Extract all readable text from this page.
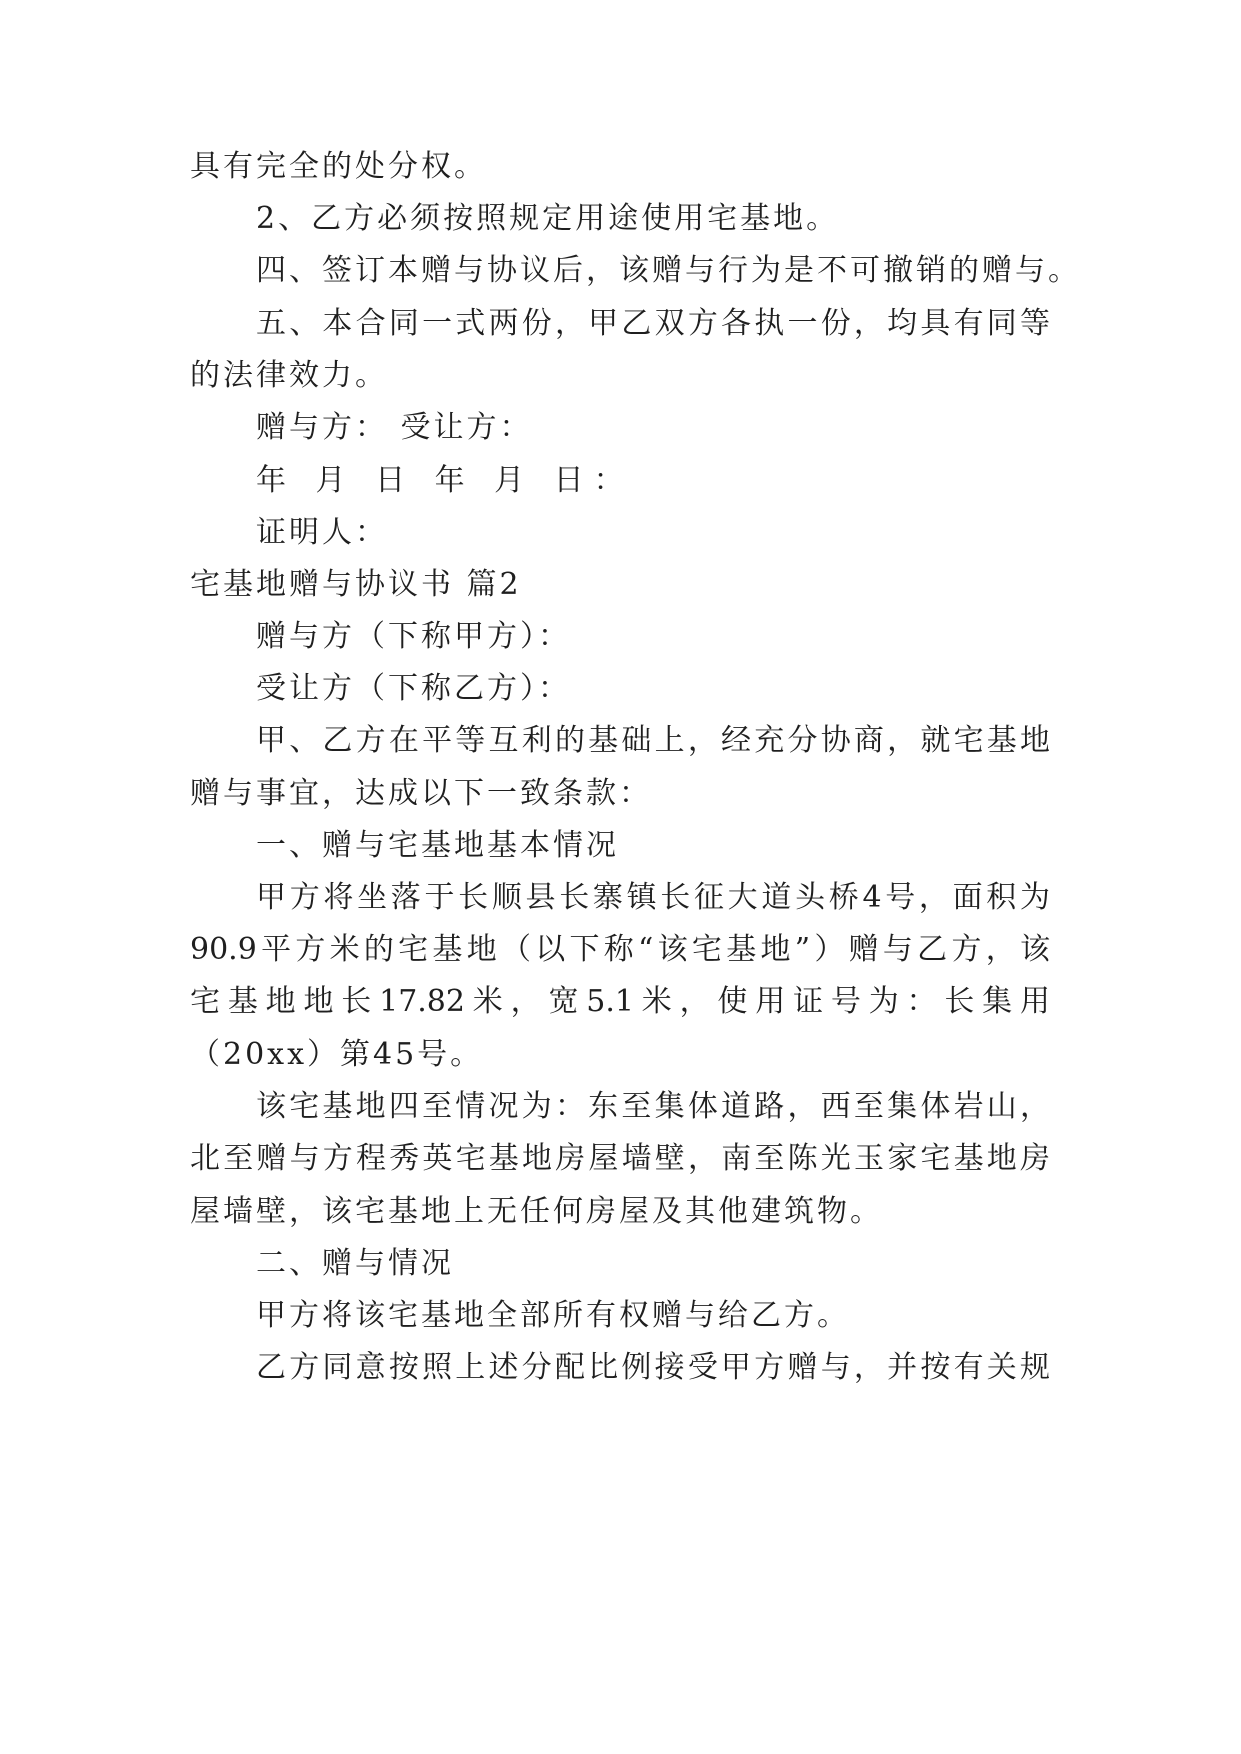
具有完全的处分权。
2、乙方必须按照规定用途使用宅基地。
四、签订本赠与协议后，该赠与行为是不可撤销的赠与。
五、本合同一式两份，甲乙双方各执一份，均具有同等
的法律效力。
赠与方： 受让方：
年 月 日 年 月 日：
证明人：
宅基地赠与协议书 篇2
赠与方（下称甲方）：
受让方（下称乙方）：
甲、乙方在平等互利的基础上，经充分协商，就宅基地
赠与事宜，达成以下一致条款：
一、赠与宅基地基本情况
甲方将坐落于长顺县长寨镇长征大道头桥4号，面积为
90.9平方米的宅基地（以下称“该宅基地”）赠与乙方，该
宅基地地长17.82米，宽5.1米，使用证号为：长集用
（20xx）第45号。
该宅基地四至情况为：东至集体道路，西至集体岩山，
北至赠与方程秀英宅基地房屋墙壁，南至陈光玉家宅基地房
屋墙壁，该宅基地上无任何房屋及其他建筑物。
二、赠与情况
甲方将该宅基地全部所有权赠与给乙方。
乙方同意按照上述分配比例接受甲方赠与，并按有关规
